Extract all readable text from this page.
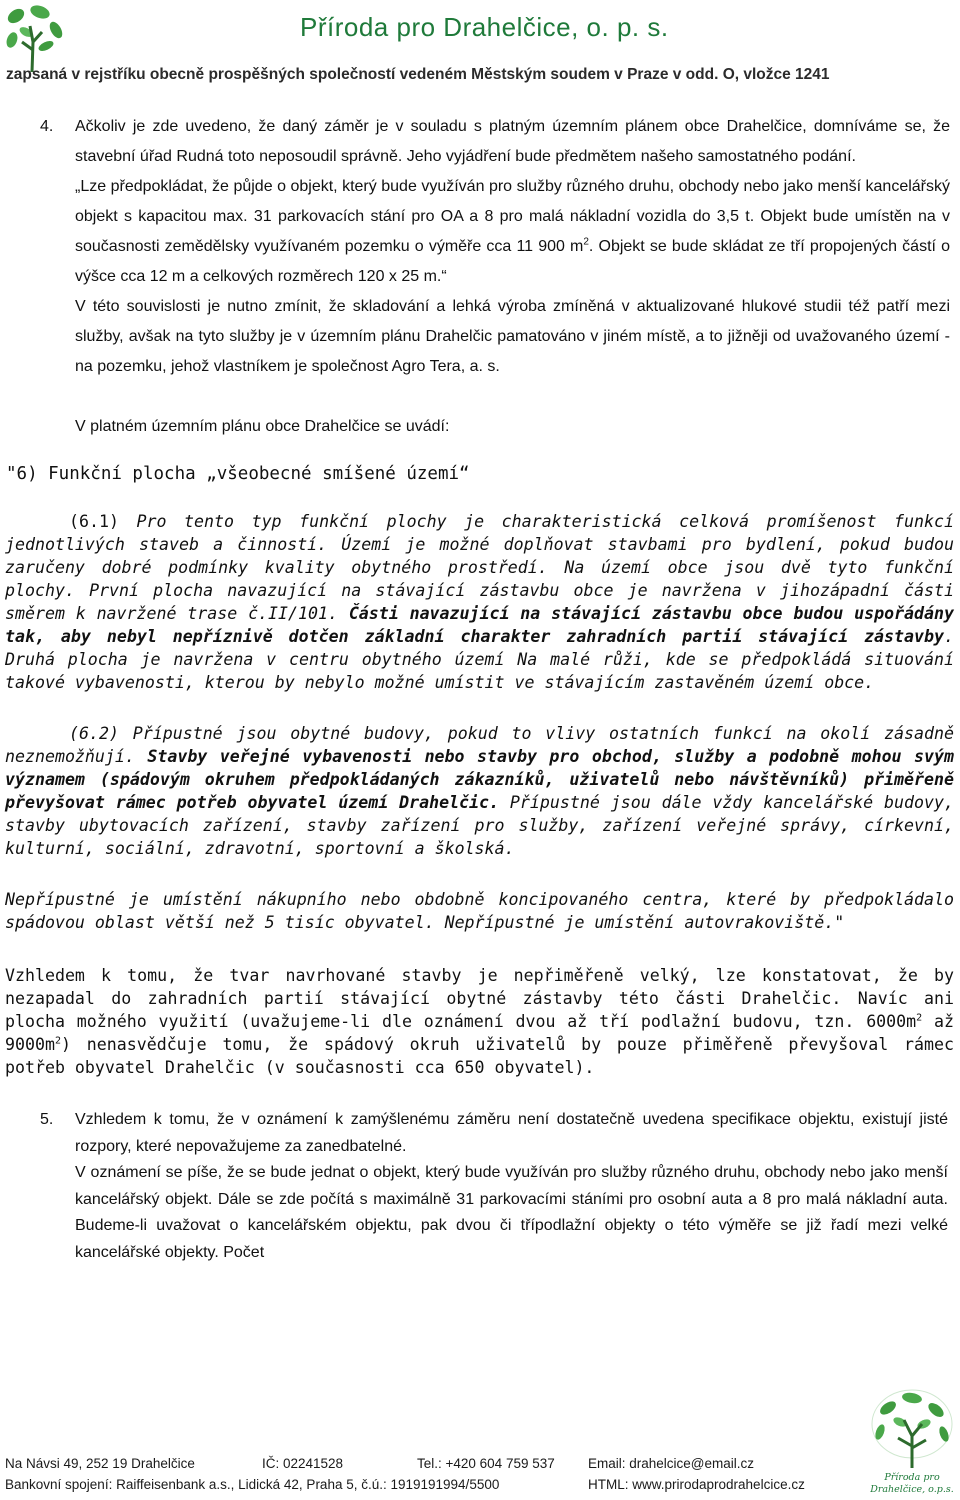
Příroda pro Drahelčice, o. p. s.
zapsaná v rejstříku obecně prospěšných společností vedeném Městským soudem v Praze v odd. O, vložce 1241
4. Ačkoliv je zde uvedeno, že daný záměr je v souladu s platným územním plánem obce Drahelčice, domníváme se, že stavební úřad Rudná toto neposoudil správně. Jeho vyjádření bude předmětem našeho samostatného podání.

„Lze předpokládat, že půjde o objekt, který bude využíván pro služby různého druhu, obchody nebo jako menší kancelářský objekt s kapacitou max. 31 parkovacích stání pro OA a 8 pro malá nákladní vozidla do 3,5 t. Objekt bude umístěn na v současnosti zemědělsky využívaném pozemku o výměře cca 11 900 $m^2$. Objekt se bude skládat ze tří propojených částí o výšce cca 12 m a celkových rozměrech 120 x 25 m.“

V této souvislosti je nutno zmínit, že skladování a lehká výroba zmíněná v aktualizované hlukové studii též patří mezi služby, avšak na tyto služby je v územním plánu Drahelčic pamatováno v jiném místě, a to jižněji od uvažovaného území - na pozemku, jehož vlastníkem je společnost Agro Tera, a. s.

V platném územním plánu obce Drahelčice se uvádí:

"6) Funkční plocha „všeobecné smíšené území“

(6.1) Pro tento typ funkční plochy je charakteristická celková promíšenost funkcí jednotlivých staveb a činností. Území je možné doplňovat stavbami pro bydlení, pokud budou zaručeny dobré podmínky kvality obytného prostředí. Na území obce jsou dvě tyto funkční plochy. První plocha navazující na stávající zástavbu obce je navržena v jihozápadní části směrem k navržené trase č.II/101. Části navazující na stávající zástavbu obce budou uspořádány tak, aby nebyl nepříznivě dotčen základní charakter zahradních partií stávající zástavby. Druhá plocha je navržena v centru obytného území Na malé růži, kde se předpokládá situování takové vybavenosti, kterou by nebylo možné umístit ve stávajícím zastavěném území obce.

(6.2) Přípustné jsou obytné budovy, pokud to vlivy ostatních funkcí na okolí zásadně neznemožňují. Stavby veřejné vybavenosti nebo stavby pro obchod, služby a podobně mohou svým významem (spádovým okruhem předpokládaných zákazníků, uživatelů nebo návštěvníků) přiměřeně převyšovat rámec potřeb obyvatel území Drahelčic. Přípustné jsou dále vždy kancelářské budovy, stavby ubytovacích zařízení, stavby zařízení pro služby, zařízení veřejné správy, církevní, kulturní, sociální, zdravotní, sportovní a školská.

Nepřípustné je umístění nákupního nebo obdobně koncipovaného centra, které by předpokládalo spádovou oblast větší než 5 tisíc obyvatel. Nepřípustné je umístění autovrakoviště."

Vzhledem k tomu, že tvar navrhované stavby je nepřiměřeně velký, lze konstatovat, že by nezapadal do zahradních partií stávající obytné zástavby této části Drahelčic. Navíc ani plocha možného využití (uvažujeme-li dle oznámení dvou až tří podlažní budovu, tzn. $6000m^2$ až $9000m^2$) nenasvědčuje tomu, že spádový okruh uživatelů by pouze přiměřeně převyšoval rámec potřeb obyvatel Drahelčic (v současnosti cca 650 obyvatel).

5. Vzhledem k tomu, že v oznámení k zamýšlenému záměru není dostatečně uvedena specifikace objektu, existují jisté rozpory, které nepovažujeme za zanedbatelné.

V oznámení se píše, že se bude jednat o objekt, který bude využíván pro služby různého druhu, obchody nebo jako menší kancelářský objekt. Dále se zde počítá s maximálně 31 parkovacími stáními pro osobní auta a 8 pro malá nákladní auta. Budeme-li uvažovat o kancelářském objektu, pak dvou či třípodlažní objekty o této výměře se již řadí mezi velké kancelářské objekty. Počet

Příroda pro
Drahelčice, o.p.s.
Na Návsi 49, 252 19 Drahelčice	IČ: 02241528	Tel.: +420 604 759 537 Email: drahelcice@email.cz
Bankovní spojení: Raiffeisenbank a.s., Lidická 42, Praha 5, č.ú.: 1919191994/5500	HTML: www.prirodaprodrahelcice.cz
